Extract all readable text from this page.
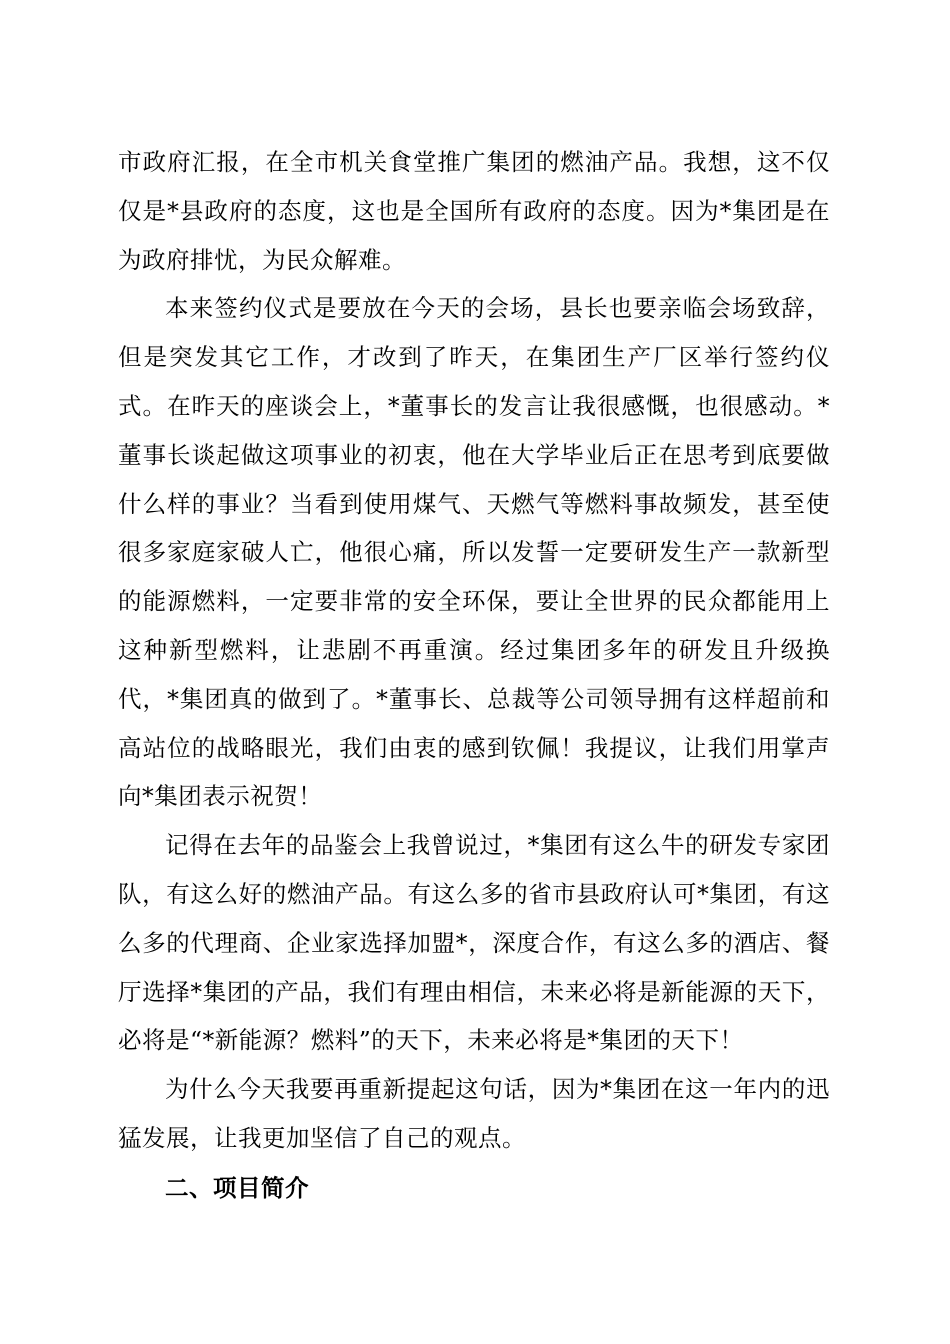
市政府汇报，在全市机关食堂推广集团的燃油产品。我想，这不仅仅是*县政府的态度，这也是全国所有政府的态度。因为*集团是在为政府排忧，为民众解难。

本来签约仪式是要放在今天的会场，县长也要亲临会场致辞，但是突发其它工作，才改到了昨天，在集团生产厂区举行签约仪式。在昨天的座谈会上，*董事长的发言让我很感慨，也很感动。*董事长谈起做这项事业的初衷，他在大学毕业后正在思考到底要做什么样的事业？当看到使用煤气、天燃气等燃料事故频发，甚至使很多家庭家破人亡，他很心痛，所以发誓一定要研发生产一款新型的能源燃料，一定要非常的安全环保，要让全世界的民众都能用上这种新型燃料，让悲剧不再重演。经过集团多年的研发且升级换代，*集团真的做到了。*董事长、总裁等公司领导拥有这样超前和高站位的战略眼光，我们由衷的感到钦佩！我提议，让我们用掌声向*集团表示祝贺！

记得在去年的品鉴会上我曾说过，*集团有这么牛的研发专家团队，有这么好的燃油产品。有这么多的省市县政府认可*集团，有这么多的代理商、企业家选择加盟*，深度合作，有这么多的酒店、餐厅选择*集团的产品，我们有理由相信，未来必将是新能源的天下，必将是“*新能源？燃料”的天下，未来必将是*集团的天下！

为什么今天我要再重新提起这句话，因为*集团在这一年内的迅猛发展，让我更加坚信了自己的观点。

二、项目简介
